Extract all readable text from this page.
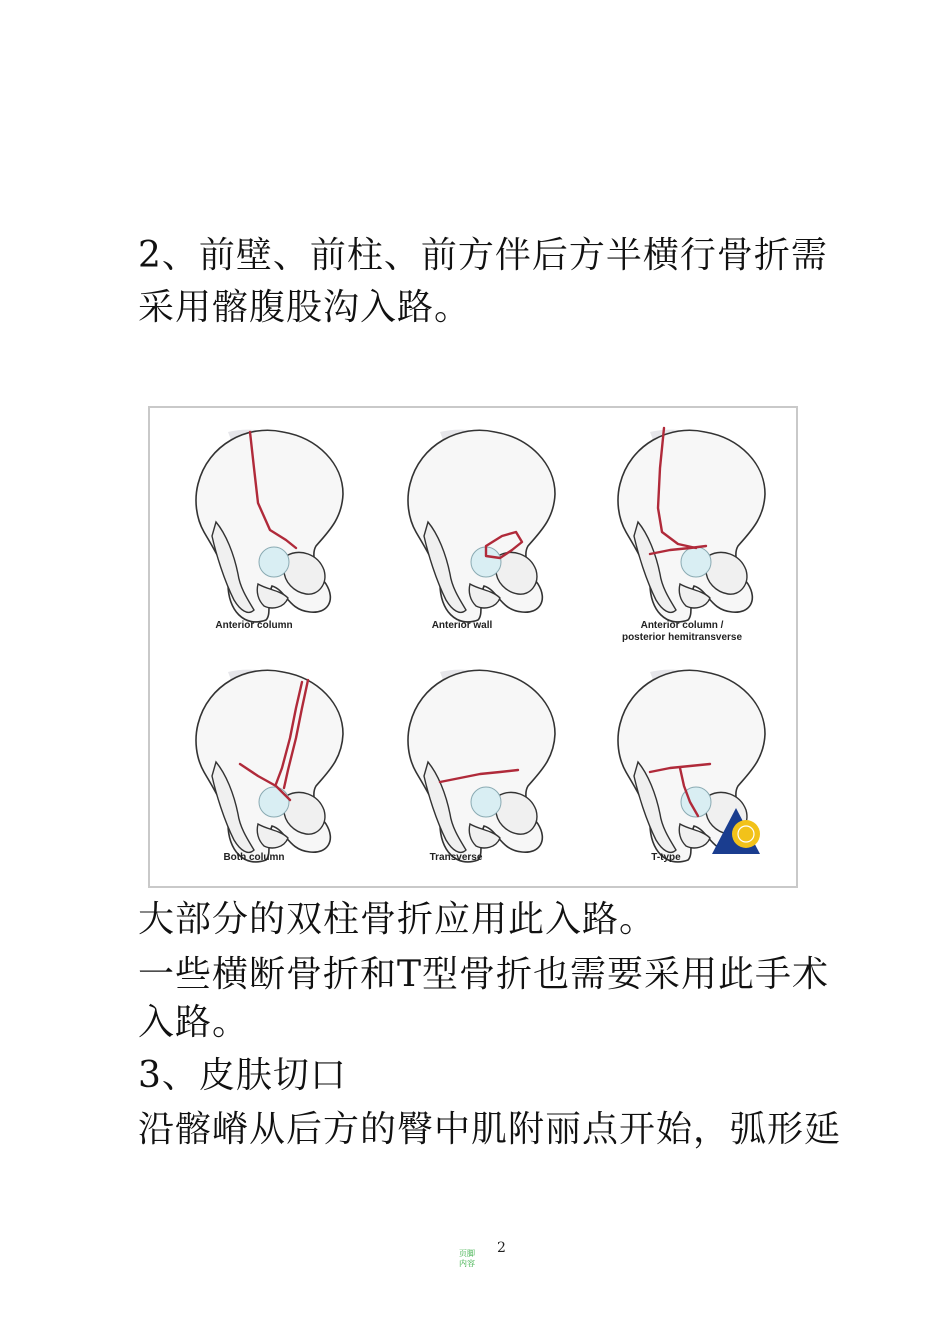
2、前壁、前柱、前方伴后方半横行骨折需
采用髂腹股沟入路。
Anterior column	Anterior wall	Anterior column /
posterior hemitransverse
Both column	Transverse	T-type
大部分的双柱骨折应用此入路。
一些横断骨折和T型骨折也需要采用此手术
入路。
3、皮肤切口
沿髂嵴从后方的臀中肌附丽点开始，弧形延
页脚
内容
2
